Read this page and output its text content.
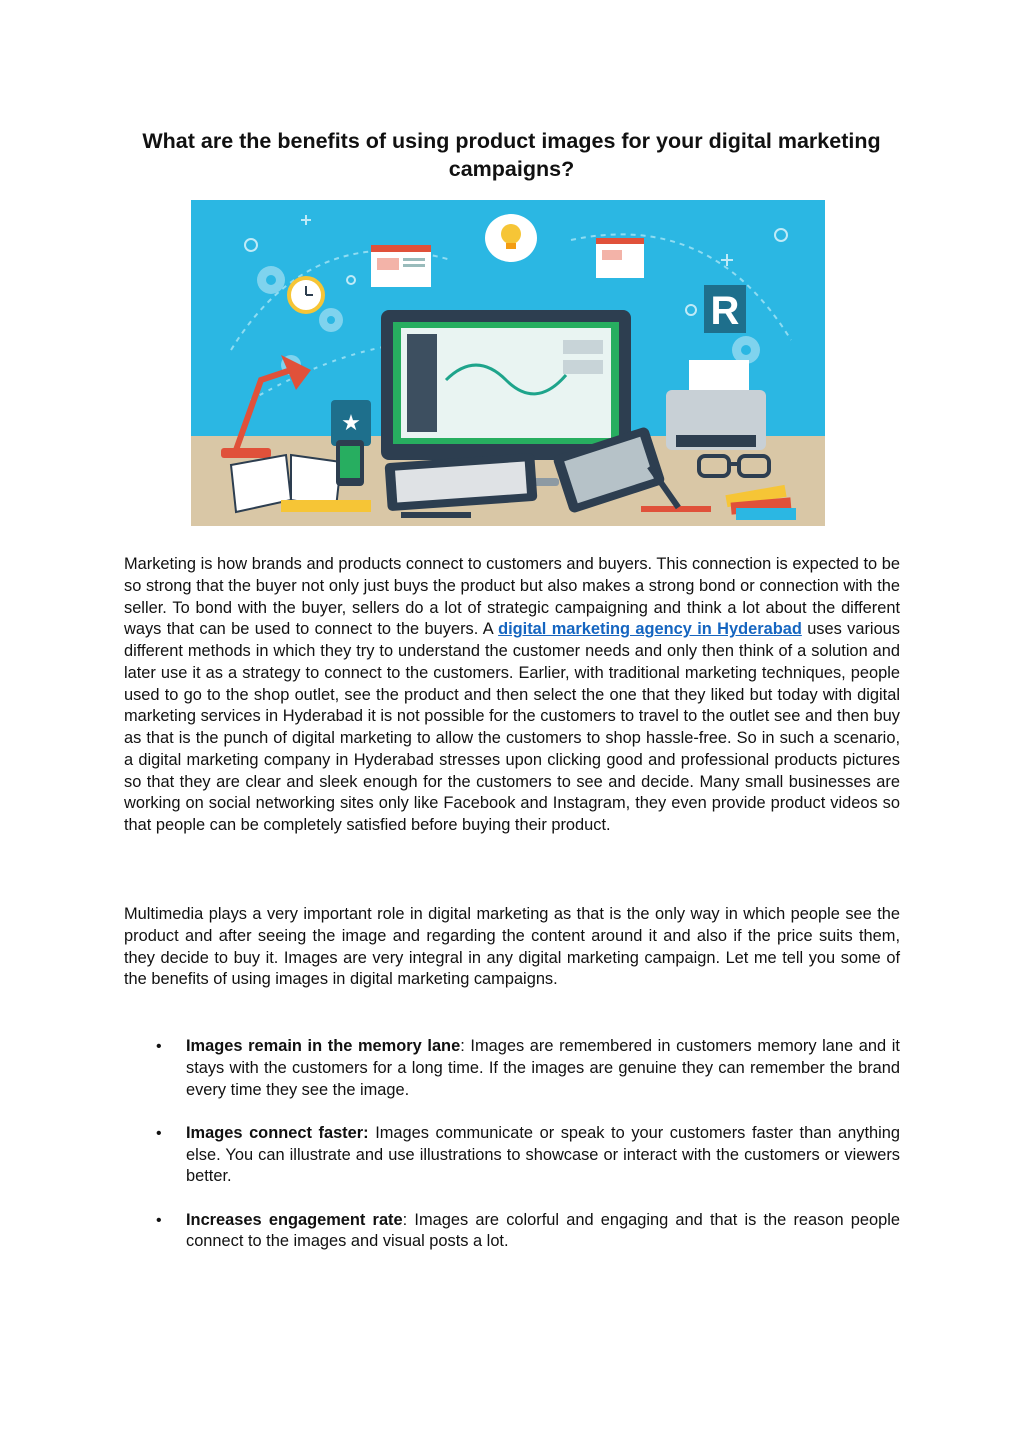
What are the benefits of using product images for your digital marketing campaigns?
R
★

Marketing is how brands and products connect to customers and buyers. This connection is expected to be so strong that the buyer not only just buys the product but also makes a strong bond or connection with the seller. To bond with the buyer, sellers do a lot of strategic campaigning and think a lot about the different ways that can be used to connect to the buyers. A digital marketing agency in Hyderabad uses various different methods in which they try to understand the customer needs and only then think of a solution and later use it as a strategy to connect to the customers. Earlier, with traditional marketing techniques, people used to go to the shop outlet, see the product and then select the one that they liked but today with digital marketing services in Hyderabad it is not possible for the customers to travel to the outlet see and then buy as that is the punch of digital marketing to allow the customers to shop hassle-free. So in such a scenario, a digital marketing company in Hyderabad stresses upon clicking good and professional products pictures so that they are clear and sleek enough for the customers to see and decide. Many small businesses are working on social networking sites only like Facebook and Instagram, they even provide product videos so that people can be completely satisfied before buying their product.

Multimedia plays a very important role in digital marketing as that is the only way in which people see the product and after seeing the image and regarding the content around it and also if the price suits them, they decide to buy it. Images are very integral in any digital marketing campaign. Let me tell you some of the benefits of using images in digital marketing campaigns.

• Images remain in the memory lane: Images are remembered in customers memory lane and it stays with the customers for a long time. If the images are genuine they can remember the brand every time they see the image.
• Images connect faster: Images communicate or speak to your customers faster than anything else. You can illustrate and use illustrations to showcase or interact with the customers or viewers better.
• Increases engagement rate: Images are colorful and engaging and that is the reason people connect to the images and visual posts a lot.
